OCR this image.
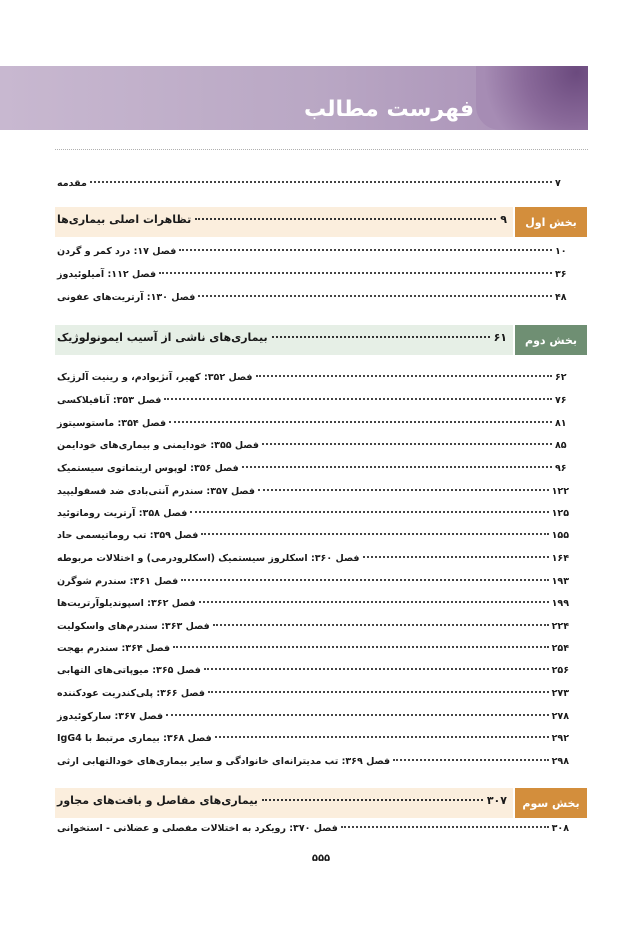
فهرست مطالب
مقدمه	۷
بخش اول
تظاهرات اصلی بیماری‌ها	۹
فصل ۱۷: درد کمر و گردن	۱۰
فصل ۱۱۲: آمیلوئیدوز	۳۶
فصل ۱۳۰: آرتریت‌های عفونی	۴۸
بخش دوم
بیماری‌های ناشی از آسیب ایمونولوژیک	۶۱
فصل ۳۵۲: کهیر، آنژیوادم، و رینیت آلرژیک	۶۲
فصل ۳۵۳: آنافیلاکسی	۷۶
فصل ۳۵۴: ماستوسیتوز	۸۱
فصل ۳۵۵: خودایمنی و بیماری‌های خودایمن	۸۵
فصل ۳۵۶: لوپوس اریتماتوی سیستمیک	۹۶
فصل ۳۵۷: سندرم آنتی‌بادی ضد فسفولیپید	۱۲۲
فصل ۳۵۸: آرتریت روماتوئید	۱۲۵
فصل ۳۵۹: تب روماتیسمی حاد	۱۵۵
فصل ۳۶۰: اسکلروز سیستمیک (اسکلرودرمی) و اختلالات مربوطه	۱۶۴
فصل ۳۶۱: سندرم شوگرن	۱۹۳
فصل ۳۶۲: اسپوندیلوآرتریت‌ها	۱۹۹
فصل ۳۶۳: سندرم‌های واسکولیت	۲۲۴
فصل ۳۶۴: سندرم بهجت	۲۵۴
فصل ۳۶۵: میوپاتی‌های التهابی	۲۵۶
فصل ۳۶۶: پلی‌کندریت عودکننده	۲۷۳
فصل ۳۶۷: سارکوئیدوز	۲۷۸
فصل ۳۶۸: بیماری مرتبط با IgG4	۲۹۲
فصل ۳۶۹: تب مدیترانه‌ای خانوادگی و سایر بیماری‌های خودالتهابی ارثی	۲۹۸
بخش سوم
بیماری‌های مفاصل و بافت‌های مجاور	۳۰۷
فصل ۳۷۰: رویکرد به اختلالات مفصلی و عضلانی - استخوانی	۳۰۸
۵۵۵
